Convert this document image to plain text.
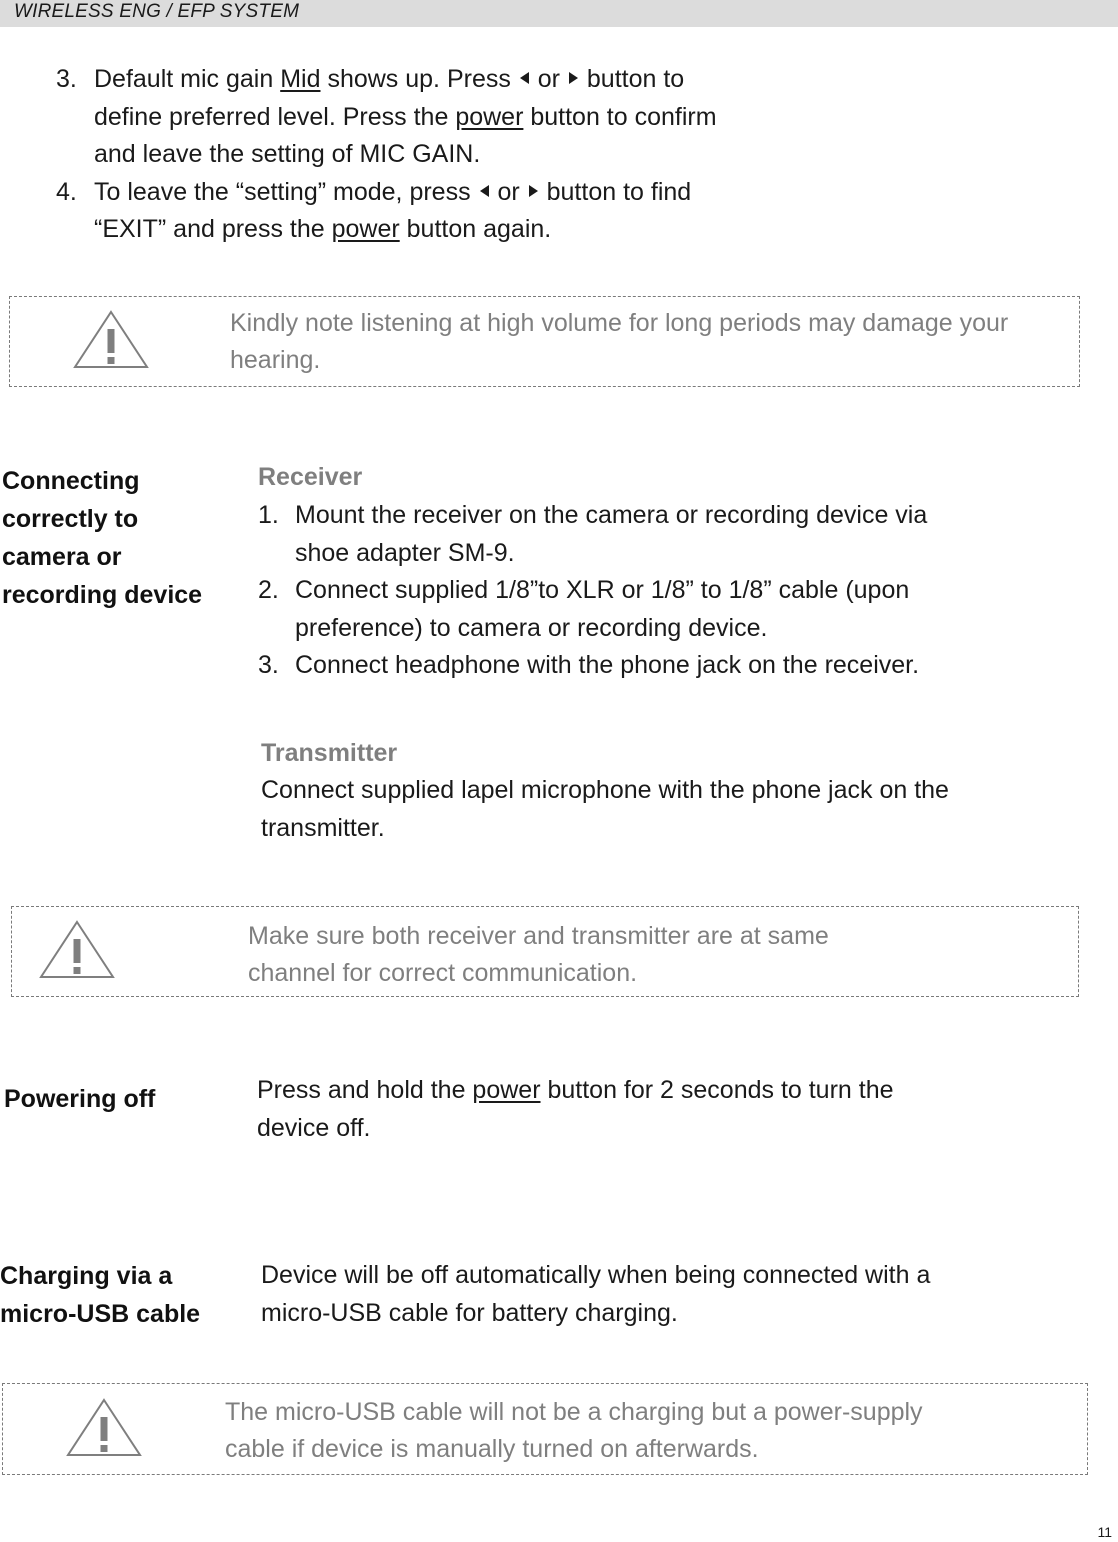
WIRELESS ENG / EFP SYSTEM
3. Default mic gain Mid shows up. Press or button to
define preferred level. Press the power button to confirm
and leave the setting of MIC GAIN.
4. To leave the “setting” mode, press or button to find
“EXIT” and press the power button again.
Kindly note listening at high volume for long periods may damage your hearing.
Connecting
correctly to
camera or
recording device
Receiver
1. Mount the receiver on the camera or recording device via
shoe adapter SM-9.
2. Connect supplied 1/8”to XLR or 1/8” to 1/8” cable (upon
preference) to camera or recording device.
3. Connect headphone with the phone jack on the receiver.
Transmitter
Connect supplied lapel microphone with the phone jack on the
transmitter.
Make sure both receiver and transmitter are at same
channel for correct communication.
Powering off	Press and hold the power button for 2 seconds to turn the
device off.
Charging via a
micro-USB cable
Device will be off automatically when being connected with a
micro-USB cable for battery charging.
The micro-USB cable will not be a charging but a power-supply
cable if device is manually turned on afterwards.
11
